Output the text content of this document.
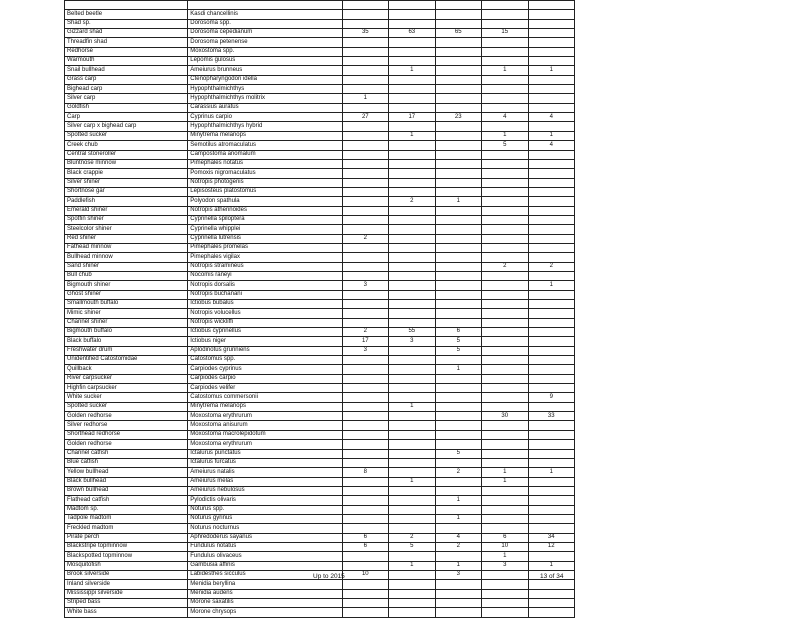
Belted beetle	Kasdi chancellinis					
Shad sp.	Dorosoma spp.					
Gizzard shad	Dorosoma cepedianum	35	63	65	15	
Threadfin shad	Dorosoma petenense					
Redhorse	Moxostoma spp.					
Warmouth	Lepomis gulosus					
Snail bullhead	Ameiurus brunneus		1		1	1
Grass carp	Ctenopharyngodon idella					
Bighead carp	Hypophthalmichthys					
Silver carp	Hypophthalmichthys molitrix	1				
Goldfish	Carassius auratus					
Carp	Cyprinus carpio	27	17	23	4	4
Silver carp x bighead carp	Hypophthalmichthys hybrid					
Spotted sucker	Minytrema melanops		1		1	1
Creek chub	Semotilus atromaculatus				5	4
Central stoneroller	Campostoma anomalum					
Bluntnose minnow	Pimephales notatus					
Black crappie	Pomoxis nigromaculatus					
Silver shiner	Notropis photogenis					
Shortnose gar	Lepisosteus platostomus					
Paddlefish	Polyodon spathula		2	1		
Emerald shiner	Notropis atherinoides					
Spotfin shiner	Cyprinella spiloptera					
Steelcolor shiner	Cyprinella whipplei					
Red shiner	Cyprinella lutrensis	2				
Fathead minnow	Pimephales promelas					
Bullhead minnow	Pimephales vigilax					
Sand shiner	Notropis stramineus				2	2
Bull chub	Nocomis raneyi					
Bigmouth shiner	Notropis dorsalis	3				1
Ghost shiner	Notropis buchanani					
Smallmouth buffalo	Ictiobus bubalus					
Mimic shiner	Notropis volucellus					
Channel shiner	Notropis wickliffi					
Bigmouth buffalo	Ictiobus cyprinellus	2	55	6		
Black buffalo	Ictiobus niger	17	3	5		
Freshwater drum	Aplodinotus grunniens	3		5		
Unidentified Catostomidae	Catostomus spp.					
Quillback	Carpiodes cyprinus			1		
River carpsucker	Carpiodes carpio					
Highfin carpsucker	Carpiodes velifer					
White sucker	Catostomus commersonii					9
Spotted sucker	Minytrema melanops		1			
Golden redhorse	Moxostoma erythrurum				30	33
Silver redhorse	Moxostoma anisurum					
Shorthead redhorse	Moxostoma macrolepidotum					
Golden redhorse	Moxostoma erythrurum					
Channel catfish	Ictalurus punctatus			5		
Blue catfish	Ictalurus furcatus					
Yellow bullhead	Ameiurus natalis	8		2	1	1
Black bullhead	Ameiurus melas		1		1	
Brown bullhead	Ameiurus nebulosus					
Flathead catfish	Pylodictis olivaris			1		
Madtom sp.	Noturus spp.					
Tadpole madtom	Noturus gyrinus			1		
Freckled madtom	Noturus nocturnus					
Pirate perch	Aphredoderus sayanus	6	2	4	6	34
Blackstripe topminnow	Fundulus notatus	6	5	2	10	12
Blackspotted topminnow	Fundulus olivaceus				1	
Mosquitofish	Gambusia affinis		1	1	3	1
Brook silverside	Labidesthes sicculus	10		3		
Inland silverside	Menidia beryllina					
Mississippi silverside	Menidia audens					
Striped bass	Morone saxatilis					
White bass	Morone chrysops					
Up to 2015	13 of 34
